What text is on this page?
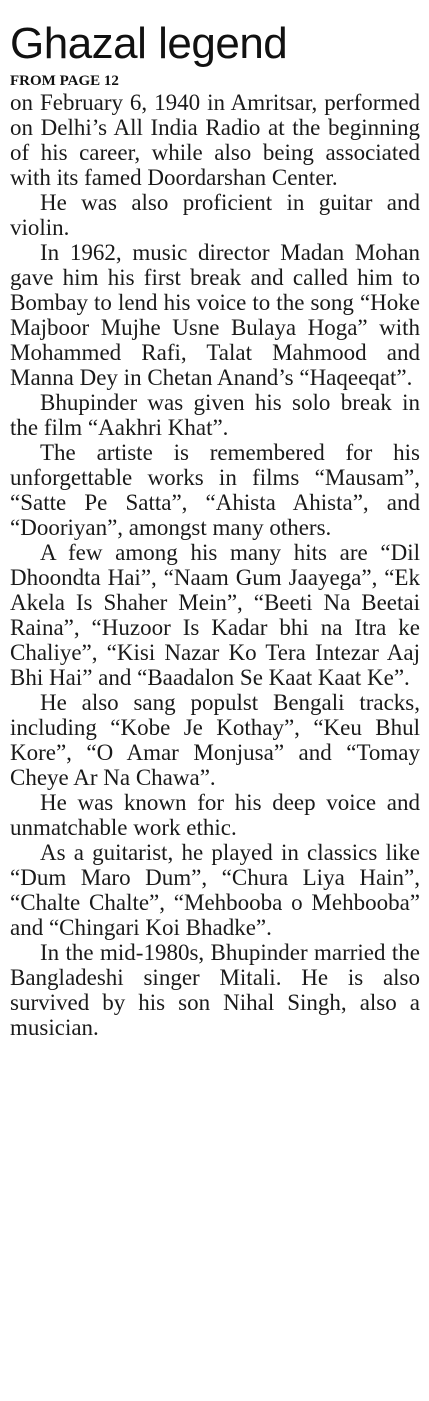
Ghazal legend
FROM PAGE 12

on February 6, 1940 in Amritsar, performed on Delhi’s All India Radio at the beginning of his career, while also being associated with its famed Doordarshan Center.

He was also proficient in guitar and violin.

In 1962, music director Madan Mohan gave him his first break and called him to Bombay to lend his voice to the song “Hoke Majboor Mujhe Usne Bulaya Hoga” with Mohammed Rafi, Talat Mahmood and Manna Dey in Chetan Anand’s “Haqeeqat”.

Bhupinder was given his solo break in the film “Aakhri Khat”.

The artiste is remembered for his unforgettable works in films “Mausam”, “Satte Pe Satta”, “Ahista Ahista”, and “Dooriyan”, amongst many others.

A few among his many hits are “Dil Dhoondta Hai”, “Naam Gum Jaayega”, “Ek Akela Is Shaher Mein”, “Beeti Na Beetai Raina”, “Huzoor Is Kadar bhi na Itra ke Chaliye”, “Kisi Nazar Ko Tera Intezar Aaj Bhi Hai” and “Baadalon Se Kaat Kaat Ke”.

He also sang populst Bengali tracks, including “Kobe Je Kothay”, “Keu Bhul Kore”, “O Amar Monjusa” and “Tomay Cheye Ar Na Chawa”.

He was known for his deep voice and unmatchable work ethic.

As a guitarist, he played in classics like “Dum Maro Dum”, “Chura Liya Hain”, “Chalte Chalte”, “Mehbooba o Mehbooba” and “Chingari Koi Bhadke”.

In the mid-1980s, Bhupinder married the Bangladeshi singer Mitali. He is also survived by his son Nihal Singh, also a musician.
